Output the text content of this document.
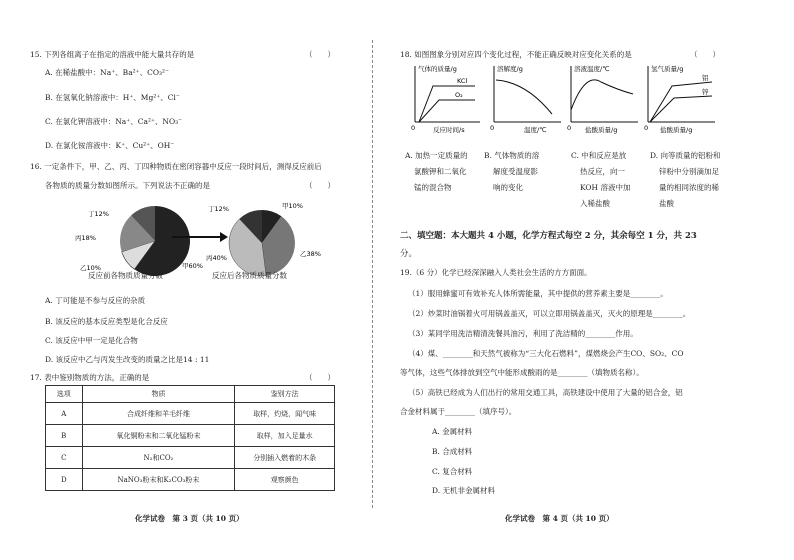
15. 下列各组离子在指定的溶液中能大量共存的是	（　　）
A. 在稀盐酸中：Na⁺、Ba²⁺、CO₃²⁻
B. 在氢氧化钠溶液中：H⁺、Mg²⁺、Cl⁻
C. 在氯化钾溶液中：Na⁺、Ca²⁺、NO₃⁻
D. 在氯化铵溶液中：K⁺、Cu²⁺、OH⁻
16. 一定条件下，甲、乙、丙、丁四种物质在密闭容器中反应一段时间后，测得反应前后
各物质的质量分数如图所示。下列说法不正确的是	（　　）
丁12%
丙18%
乙10%	甲60%
反应前各物质质量分数
丁12%	甲10%
丙40%	乙38%
反应后各物质质量分数
A. 丁可能是不参与反应的杂质
B. 该反应的基本反应类型是化合反应
C. 该反应中甲一定是化合物
D. 该反应中乙与丙发生改变的质量之比是14 : 11
17. 表中鉴别物质的方法，正确的是	（　　）
选项	物质	鉴别方法
A	合成纤维和羊毛纤维	取样，灼烧，闻气味
B	氧化铜粉末和二氧化锰粉末	取样，加入足量水
C	N₂和CO₂	分别插入燃着的木条
D	NaNO₃粉末和K₂CO₃粉末	观察颜色
化学试卷　第 3 页（共 10 页）
18. 如图图象分别对应四个变化过程，不能正确反映对应变化关系的是	（　　）
气体的质量/g
KCl
O₂
0	反应时间/s
溶解度/g
0	温度/℃
溶液温度/℃
0 盐酸质量/g
氢气质量/g
铝
锌
0 盐酸质量/g
A. 加热一定质量的
氯酸钾和二氧化
锰的混合物
B. 气体物质的溶
解度受温度影
响的变化
C. 中和反应是放
热反应，向一
KOH 溶液中加
入稀盐酸
D. 向等质量的铝粉和
锌粉中分别滴加足
量的相同浓度的稀
盐酸
二、填空题：本大题共 4 小题，化学方程式每空 2 分，其余每空 1 分，共 23
分。
19.（6 分）化学已经深深融入人类社会生活的方方面面。
（1）服用蜂蜜可有效补充人体所需能量，其中提供的营养素主要是________。
（2）炒菜时油锅着火可用锅盖盖灭，可以立即用锅盖盖灭，灭火的原理是________。
（3）某同学用洗洁精清洗餐具油污，利用了洗洁精的________作用。
（4）煤、________和天然气被称为“三大化石燃料”，煤燃烧会产生CO、SO₂、CO
等气体，这些气体排放到空气中能形成酸雨的是________（填物质名称）。
（5）高铁已经成为人们出行的常用交通工具，高铁建设中使用了大量的铝合金，铝
合金材料属于________（填序号）。
A. 金属材料
B. 合成材料
C. 复合材料
D. 无机非金属材料
化学试卷　第 4 页（共 10 页）
